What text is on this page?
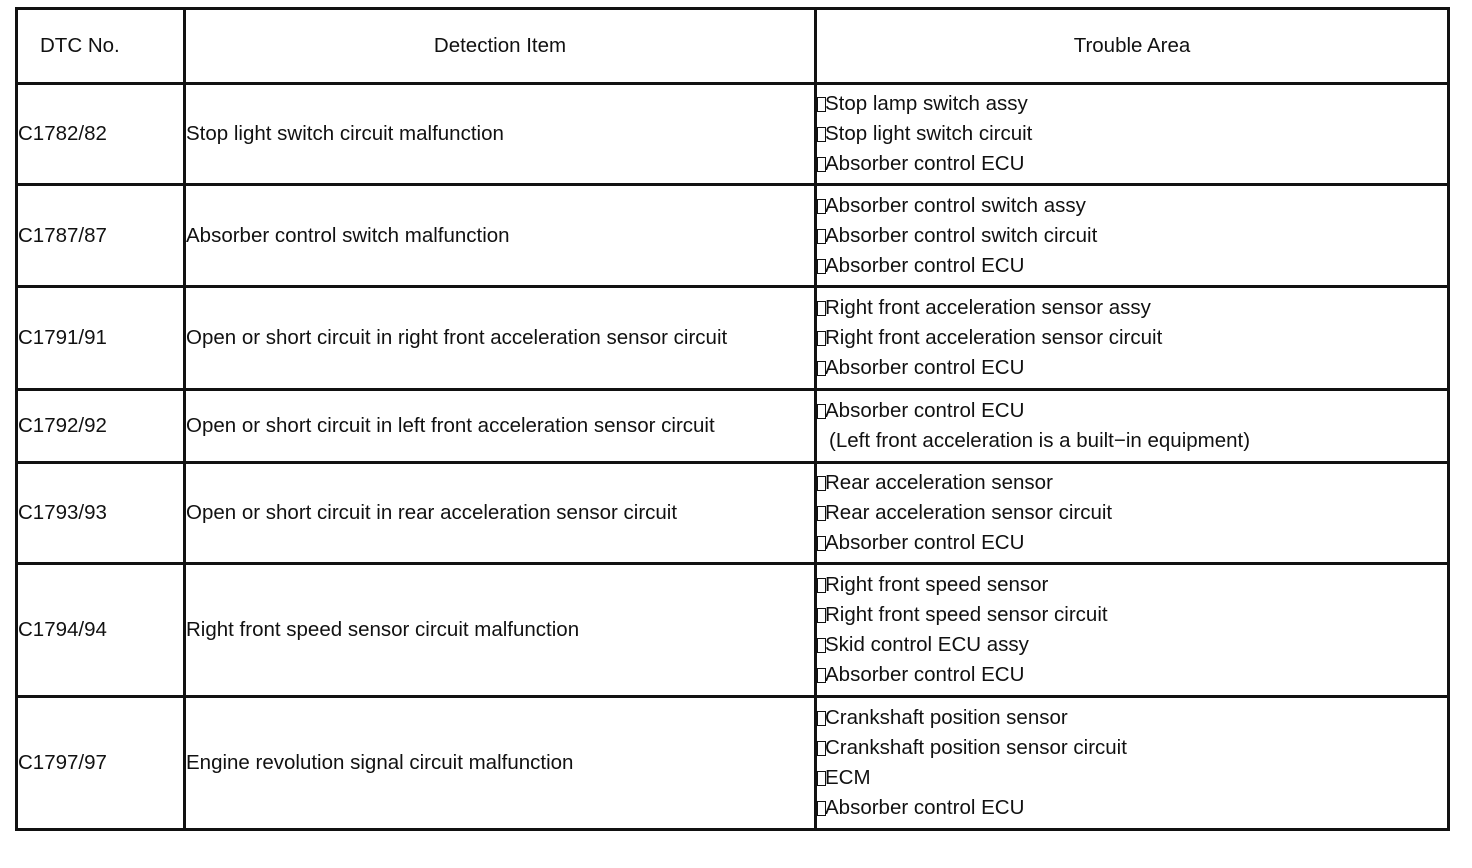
DTC No.	Detection Item	Trouble Area
C1782/82	Stop light switch circuit malfunction	Stop lamp switch assy
Stop light switch circuit
Absorber control ECU

C1787/87	Absorber control switch malfunction	Absorber control switch assy
Absorber control switch circuit
Absorber control ECU

C1791/91	Open or short circuit in right front acceleration sensor circuit	Right front acceleration sensor assy
Right front acceleration sensor circuit
Absorber control ECU

C1792/92	Open or short circuit in left front acceleration sensor circuit	Absorber control ECU
(Left front acceleration is a built−in equipment)

C1793/93	Open or short circuit in rear acceleration sensor circuit	Rear acceleration sensor
Rear acceleration sensor circuit
Absorber control ECU

C1794/94	Right front speed sensor circuit malfunction	Right front speed sensor
Right front speed sensor circuit
Skid control ECU assy
Absorber control ECU

C1797/97	Engine revolution signal circuit malfunction	Crankshaft position sensor
Crankshaft position sensor circuit
ECM
Absorber control ECU
